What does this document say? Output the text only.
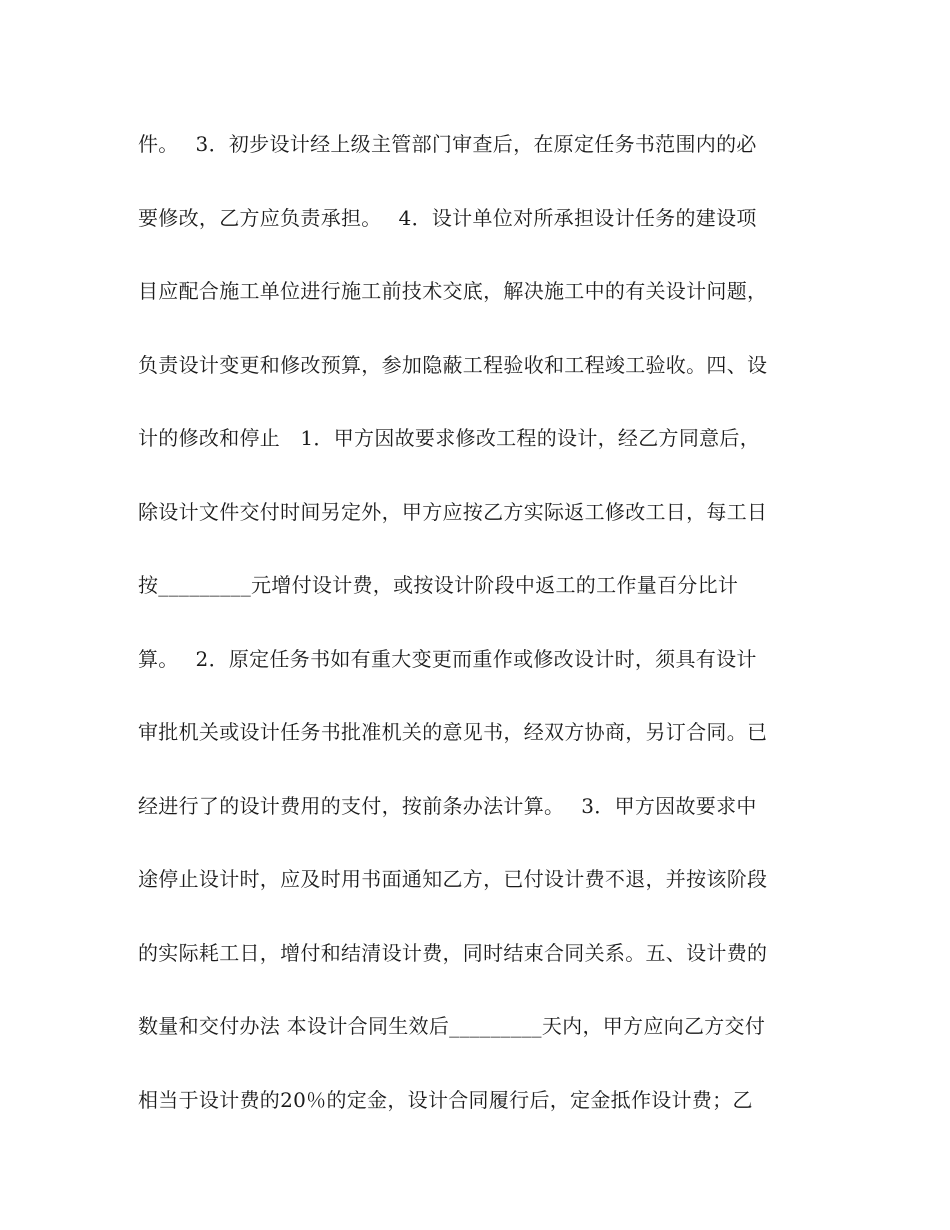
件。　 3．初步设计经上级主管部门审查后，在原定任务书范围内的必
要修改，乙方应负责承担。　 4．设计单位对所承担设计任务的建设项
目应配合施工单位进行施工前技术交底，解决施工中的有关设计问题，
负责设计变更和修改预算，参加隐蔽工程验收和工程竣工验收。四、设
计的修改和停止　1．甲方因故要求修改工程的设计，经乙方同意后，
除设计文件交付时间另定外，甲方应按乙方实际返工修改工日，每工日
按_________元增付设计费，或按设计阶段中返工的工作量百分比计
算。　 2．原定任务书如有重大变更而重作或修改设计时，须具有设计
审批机关或设计任务书批准机关的意见书，经双方协商，另订合同。已
经进行了的设计费用的支付，按前条办法计算。　 3．甲方因故要求中
途停止设计时，应及时用书面通知乙方，已付设计费不退，并按该阶段
的实际耗工日，增付和结清设计费，同时结束合同关系。五、设计费的
数量和交付办法 本设计合同生效后_________天内，甲方应向乙方交付
相当于设计费的20％的定金，设计合同履行后，定金抵作设计费；乙
